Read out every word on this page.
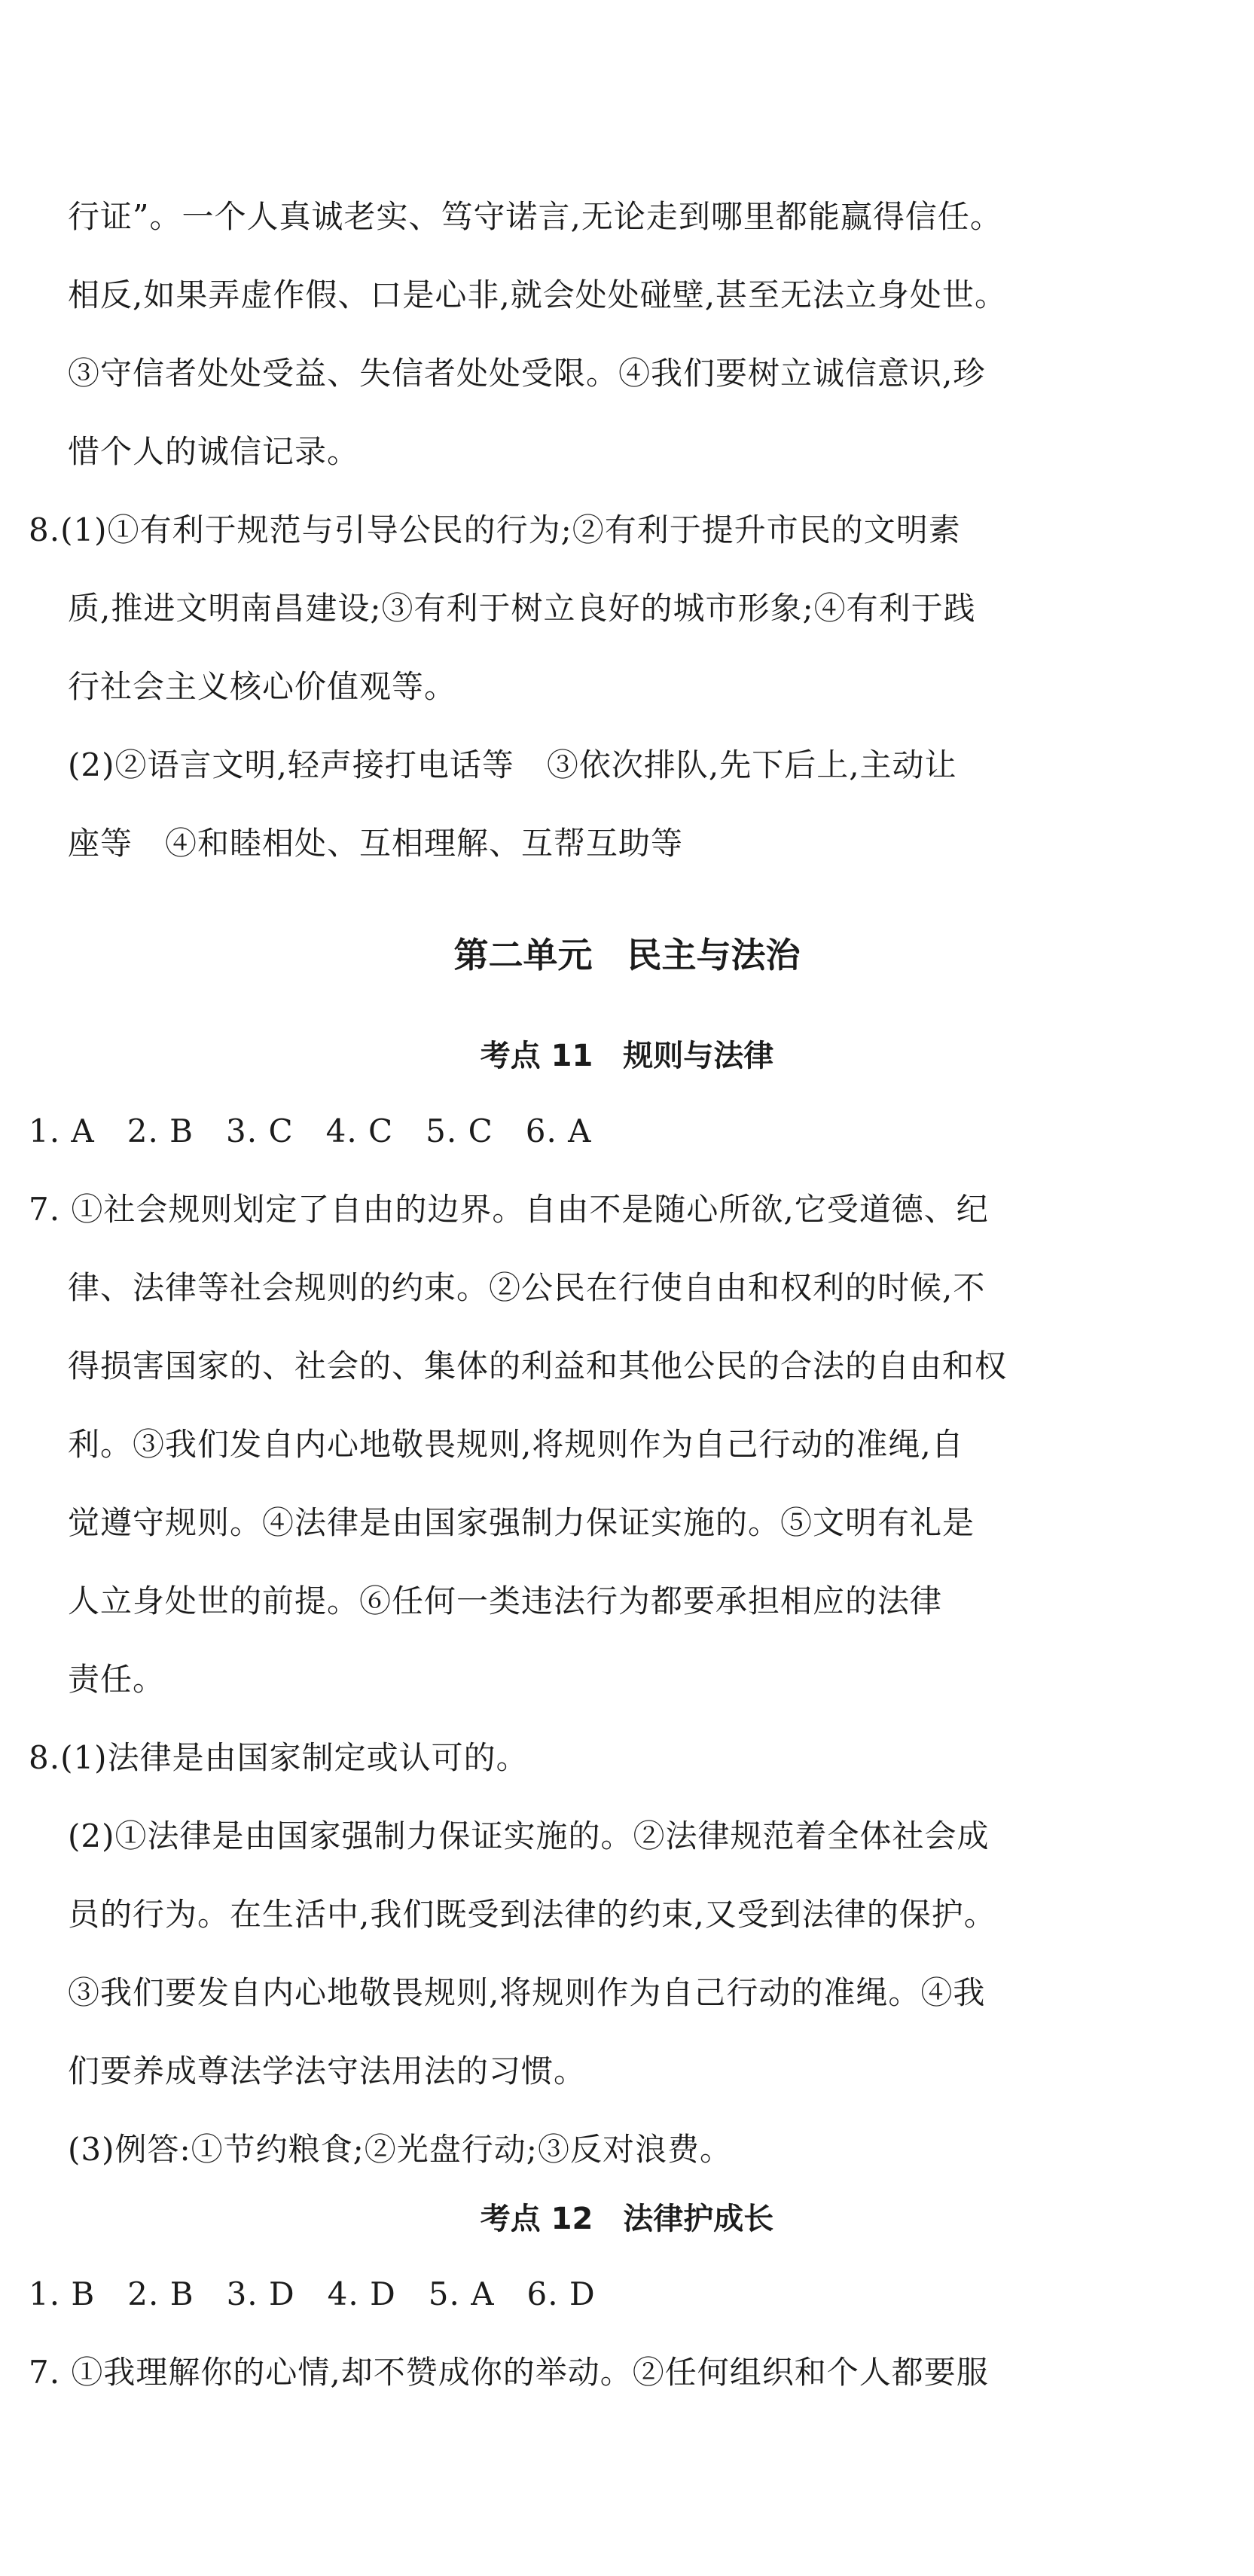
行证”。一个人真诚老实、笃守诺言,无论走到哪里都能赢得信任。
相反,如果弄虚作假、口是心非,就会处处碰壁,甚至无法立身处世。
③守信者处处受益、失信者处处受限。④我们要树立诚信意识,珍
惜个人的诚信记录。
8.(1)①有利于规范与引导公民的行为;②有利于提升市民的文明素
质,推进文明南昌建设;③有利于树立良好的城市形象;④有利于践
行社会主义核心价值观等。
(2)②语言文明,轻声接打电话等　③依次排队,先下后上,主动让
座等　④和睦相处、互相理解、互帮互助等
第二单元　民主与法治
考点 11　规则与法律
1. A　2. B　3. C　4. C　5. C　6. A
7. ①社会规则划定了自由的边界。自由不是随心所欲,它受道德、纪
律、法律等社会规则的约束。②公民在行使自由和权利的时候,不
得损害国家的、社会的、集体的利益和其他公民的合法的自由和权
利。③我们发自内心地敬畏规则,将规则作为自己行动的准绳,自
觉遵守规则。④法律是由国家强制力保证实施的。⑤文明有礼是
人立身处世的前提。⑥任何一类违法行为都要承担相应的法律
责任。
8.(1)法律是由国家制定或认可的。
(2)①法律是由国家强制力保证实施的。②法律规范着全体社会成
员的行为。在生活中,我们既受到法律的约束,又受到法律的保护。
③我们要发自内心地敬畏规则,将规则作为自己行动的准绳。④我
们要养成尊法学法守法用法的习惯。
(3)例答:①节约粮食;②光盘行动;③反对浪费。
考点 12　法律护成长
1. B　2. B　3. D　4. D　5. A　6. D
7. ①我理解你的心情,却不赞成你的举动。②任何组织和个人都要服
